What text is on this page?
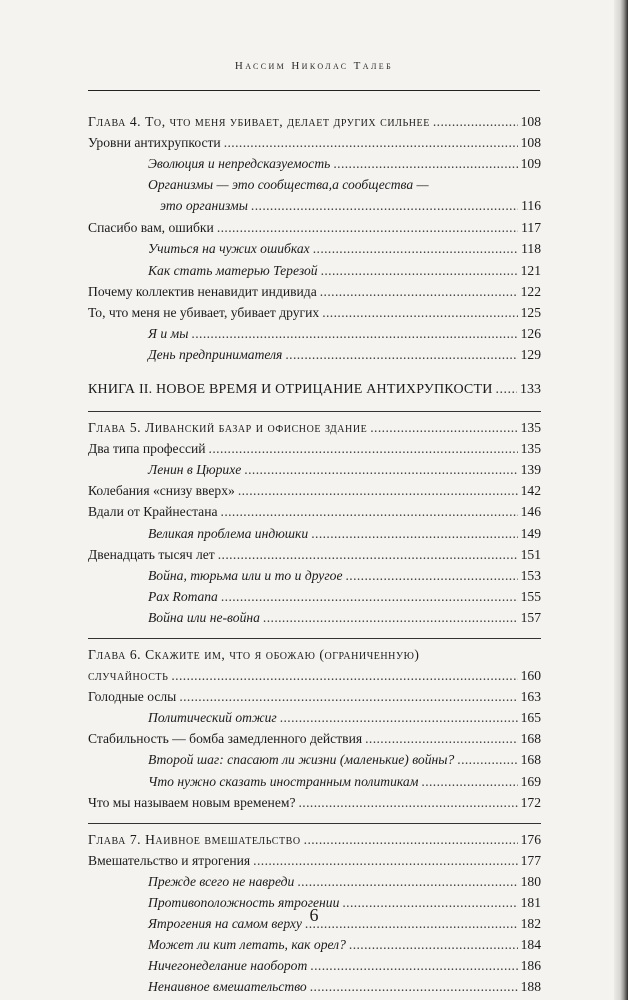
Нассим Николас Талеб
Глава 4. То, что меня убивает, делает других сильнее . . .	108
Уровни антихрупкости . . .	108
Эволюция и непредсказуемость . . .	109
Организмы — это сообщества,а сообщества —
это организмы . . .	116
Спасибо вам, ошибки . . .	117
Учиться на чужих ошибках . . .	118
Как стать матерью Терезой . . .	121
Почему коллектив ненавидит индивида . . .	122
То, что меня не убивает, убивает других . . .	125
Я и мы . . .	126
День предпринимателя . . .	129
КНИГА II. НОВОЕ ВРЕМЯ И ОТРИЦАНИЕ АНТИХРУПКОСТИ . . . 133
Глава 5. Ливанский базар и офисное здание . . .	135
Два типа профессий . . .	135
Ленин в Цюрихе . . .	139
Колебания «снизу вверх» . . .	142
Вдали от Крайнестана . . .	146
Великая проблема индюшки . . .	149
Двенадцать тысяч лет . . .	151
Война, тюрьма или и то и другое . . .	153
Pax Romana . . .	155
Война или не-война . . .	157
Глава 6. Скажите им, что я обожаю (ограниченную)
случайность . . .	160
Голодные ослы . . .	163
Политический отжиг . . .	165
Стабильность — бомба замедленного действия . . .	168
Второй шаг: спасают ли жизни (маленькие) войны? . . .	168
Что нужно сказать иностранным политикам . . .	169
Что мы называем новым временем? . . .	172
Глава 7. Наивное вмешательство . . .	176
Вмешательство и ятрогения . . .	177
Прежде всего не навреди . . .	180
Противоположность ятрогении . . .	181
Ятрогения на самом верху . . .	182
Может ли кит летать, как орел? . . .	184
Ничегонеделание наоборот . . .	186
Ненаивное вмешательство . . .	188
6
